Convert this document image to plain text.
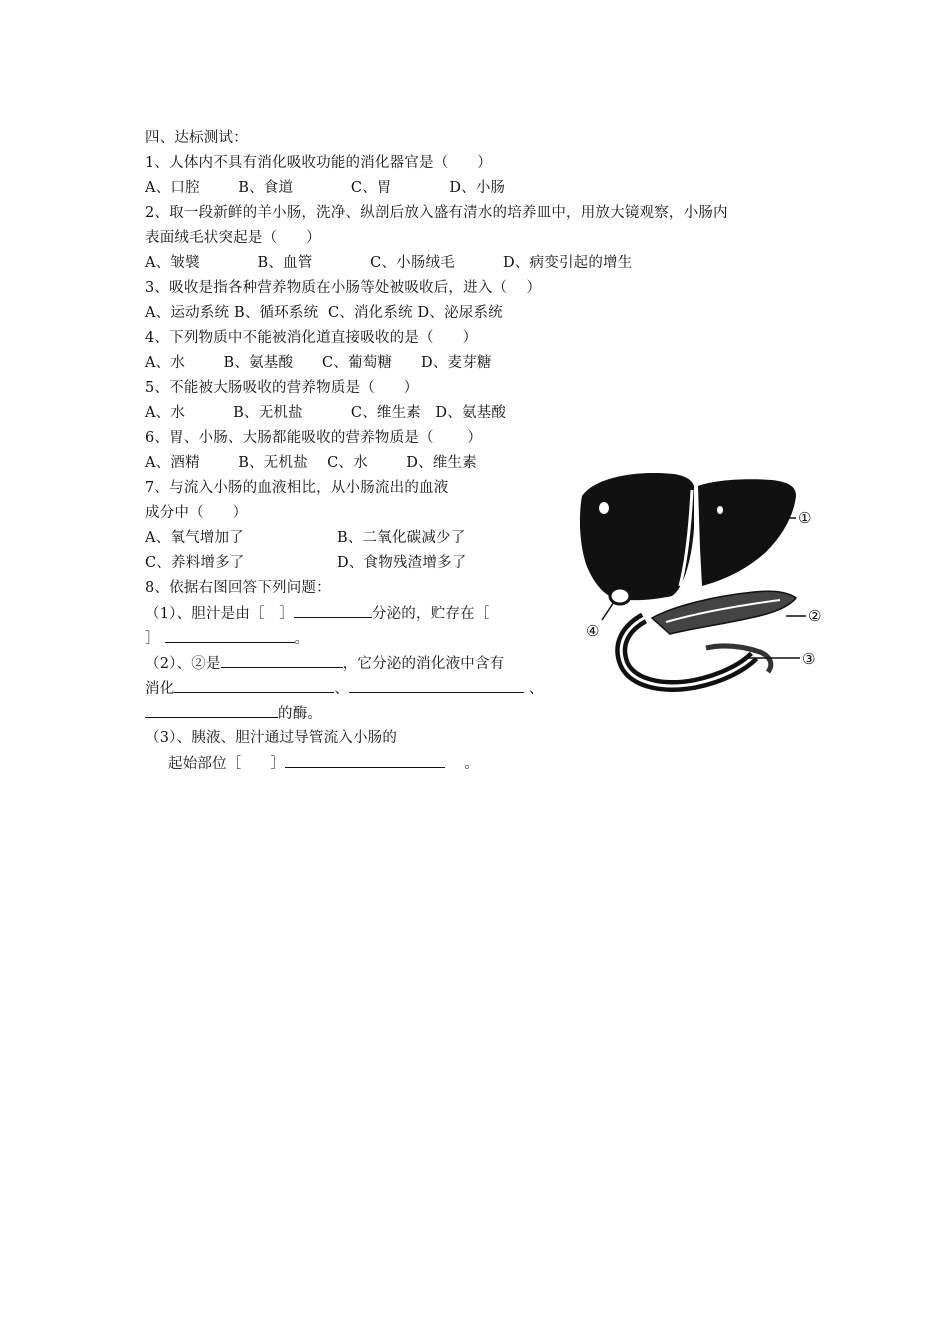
四、达标测试：
1、人体内不具有消化吸收功能的消化器官是（      ）
A、口腔        B、食道            C、胃            D、小肠
2、取一段新鲜的羊小肠，洗净、纵剖后放入盛有清水的培养皿中，用放大镜观察，小肠内
表面绒毛状突起是（      ）
A、皱襞            B、血管            C、小肠绒毛          D、病变引起的增生
3、吸收是指各种营养物质在小肠等处被吸收后，进入（    ）
A、运动系统 B、循环系统  C、消化系统 D、泌尿系统
4、下列物质中不能被消化道直接吸收的是（      ）
A、水        B、氨基酸      C、葡萄糖      D、麦芽糖
5、不能被大肠吸收的营养物质是（      ）
A、水          B、无机盐          C、维生素   D、氨基酸
6、胃、小肠、大肠都能吸收的营养物质是（       ）
A、酒精        B、无机盐    C、水        D、维生素
7、与流入小肠的血液相比，从小肠流出的血液
成分中（      ）
A、氧气增加了	B、二氧化碳减少了
C、养料增多了	D、食物残渣增多了
8、依据右图回答下列问题：
（1）、胆汁是由［   ］	分泌的，贮存在［
］	。
（2）、②是	，它分泌的消化液中含有
消化	、	、
的酶。
（3）、胰液、胆汁通过导管流入小肠的
起始部位［      ］	。
①
②
③
④
